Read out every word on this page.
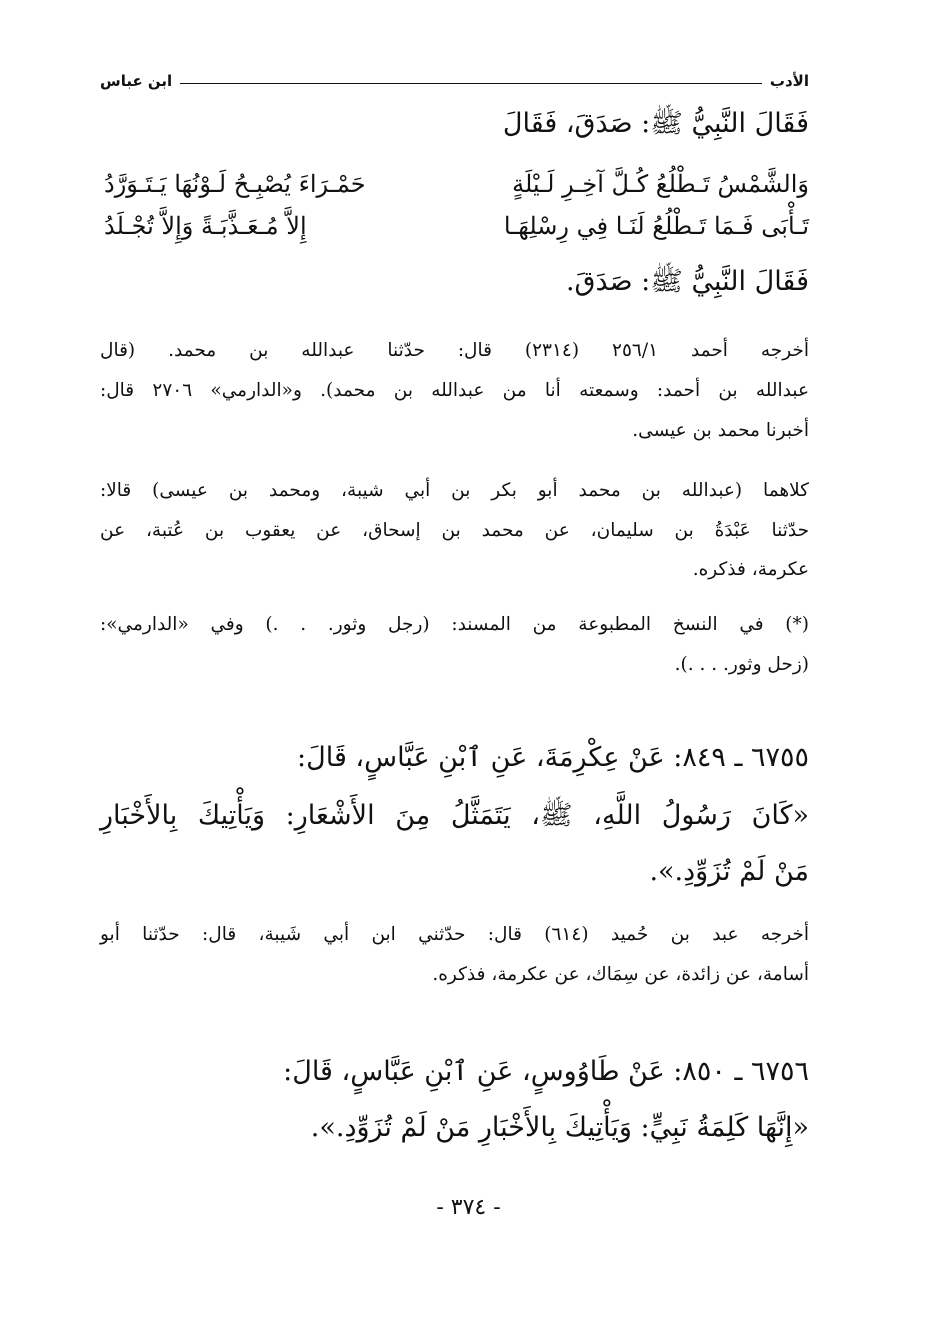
الأدب
ابن عباس
فَقَالَ النَّبِيُّ ﷺ: صَدَقَ، فَقَالَ
وَالشَّمْسُ تَـطْلُعُ كُـلَّ آخِـرِ لَـيْلَةٍ
حَمْـرَاءَ يُصْبِـحُ لَـوْنُهَا يَـتَـوَرَّدُ
تَـأْبَى فَـمَا تَـطْلُعُ لَنَـا فِي رِسْلِهَـا
إِلاَّ مُـعَـذَّبَـةً وَإِلاَّ تُجْـلَدُ
فَقَالَ النَّبِيُّ ﷺ: صَدَقَ.
أخرجه أحمد ٢٥٦/١ (٢٣١٤) قال: حدّثنا عبدالله بن محمد. (قال
عبدالله بن أحمد: وسمعته أنا من عبدالله بن محمد). و«الدارمي» ٢٧٠٦ قال:
أخبرنا محمد بن عيسى.
كلاهما (عبدالله بن محمد أبو بكر بن أبي شيبة، ومحمد بن عيسى) قالا:
حدّثنا عَبْدَةُ بن سليمان، عن محمد بن إسحاق، عن يعقوب بن عُتبة، عن
عكرمة، فذكره.
(*) في النسخ المطبوعة من المسند: (رجل وثور. . .) وفي «الدارمي»:
(زحل وثور. . . .).
٦٧٥٥ ـ ٨٤٩: عَنْ عِكْرِمَةَ، عَنِ ٱبْنِ عَبَّاسٍ، قَالَ:
«كَانَ رَسُولُ اللَّهِ، ﷺ، يَتَمَثَّلُ مِنَ الأَشْعَارِ: وَيَأْتِيكَ بِالأَخْبَارِ
مَنْ لَمْ تُزَوِّدِ.».
أخرجه عبد بن حُميد (٦١٤) قال: حدّثني ابن أبي شَيبة، قال: حدّثنا أبو
أسامة، عن زائدة، عن سِمَاك، عن عكرمة، فذكره.
٦٧٥٦ ـ ٨٥٠: عَنْ طَاوُوسٍ، عَنِ ٱبْنِ عَبَّاسٍ، قَالَ:
«إِنَّهَا كَلِمَةُ نَبِيٍّ: وَيَأْتِيكَ بِالأَخْبَارِ مَنْ لَمْ تُزَوِّدِ.».
- ٣٧٤ -
